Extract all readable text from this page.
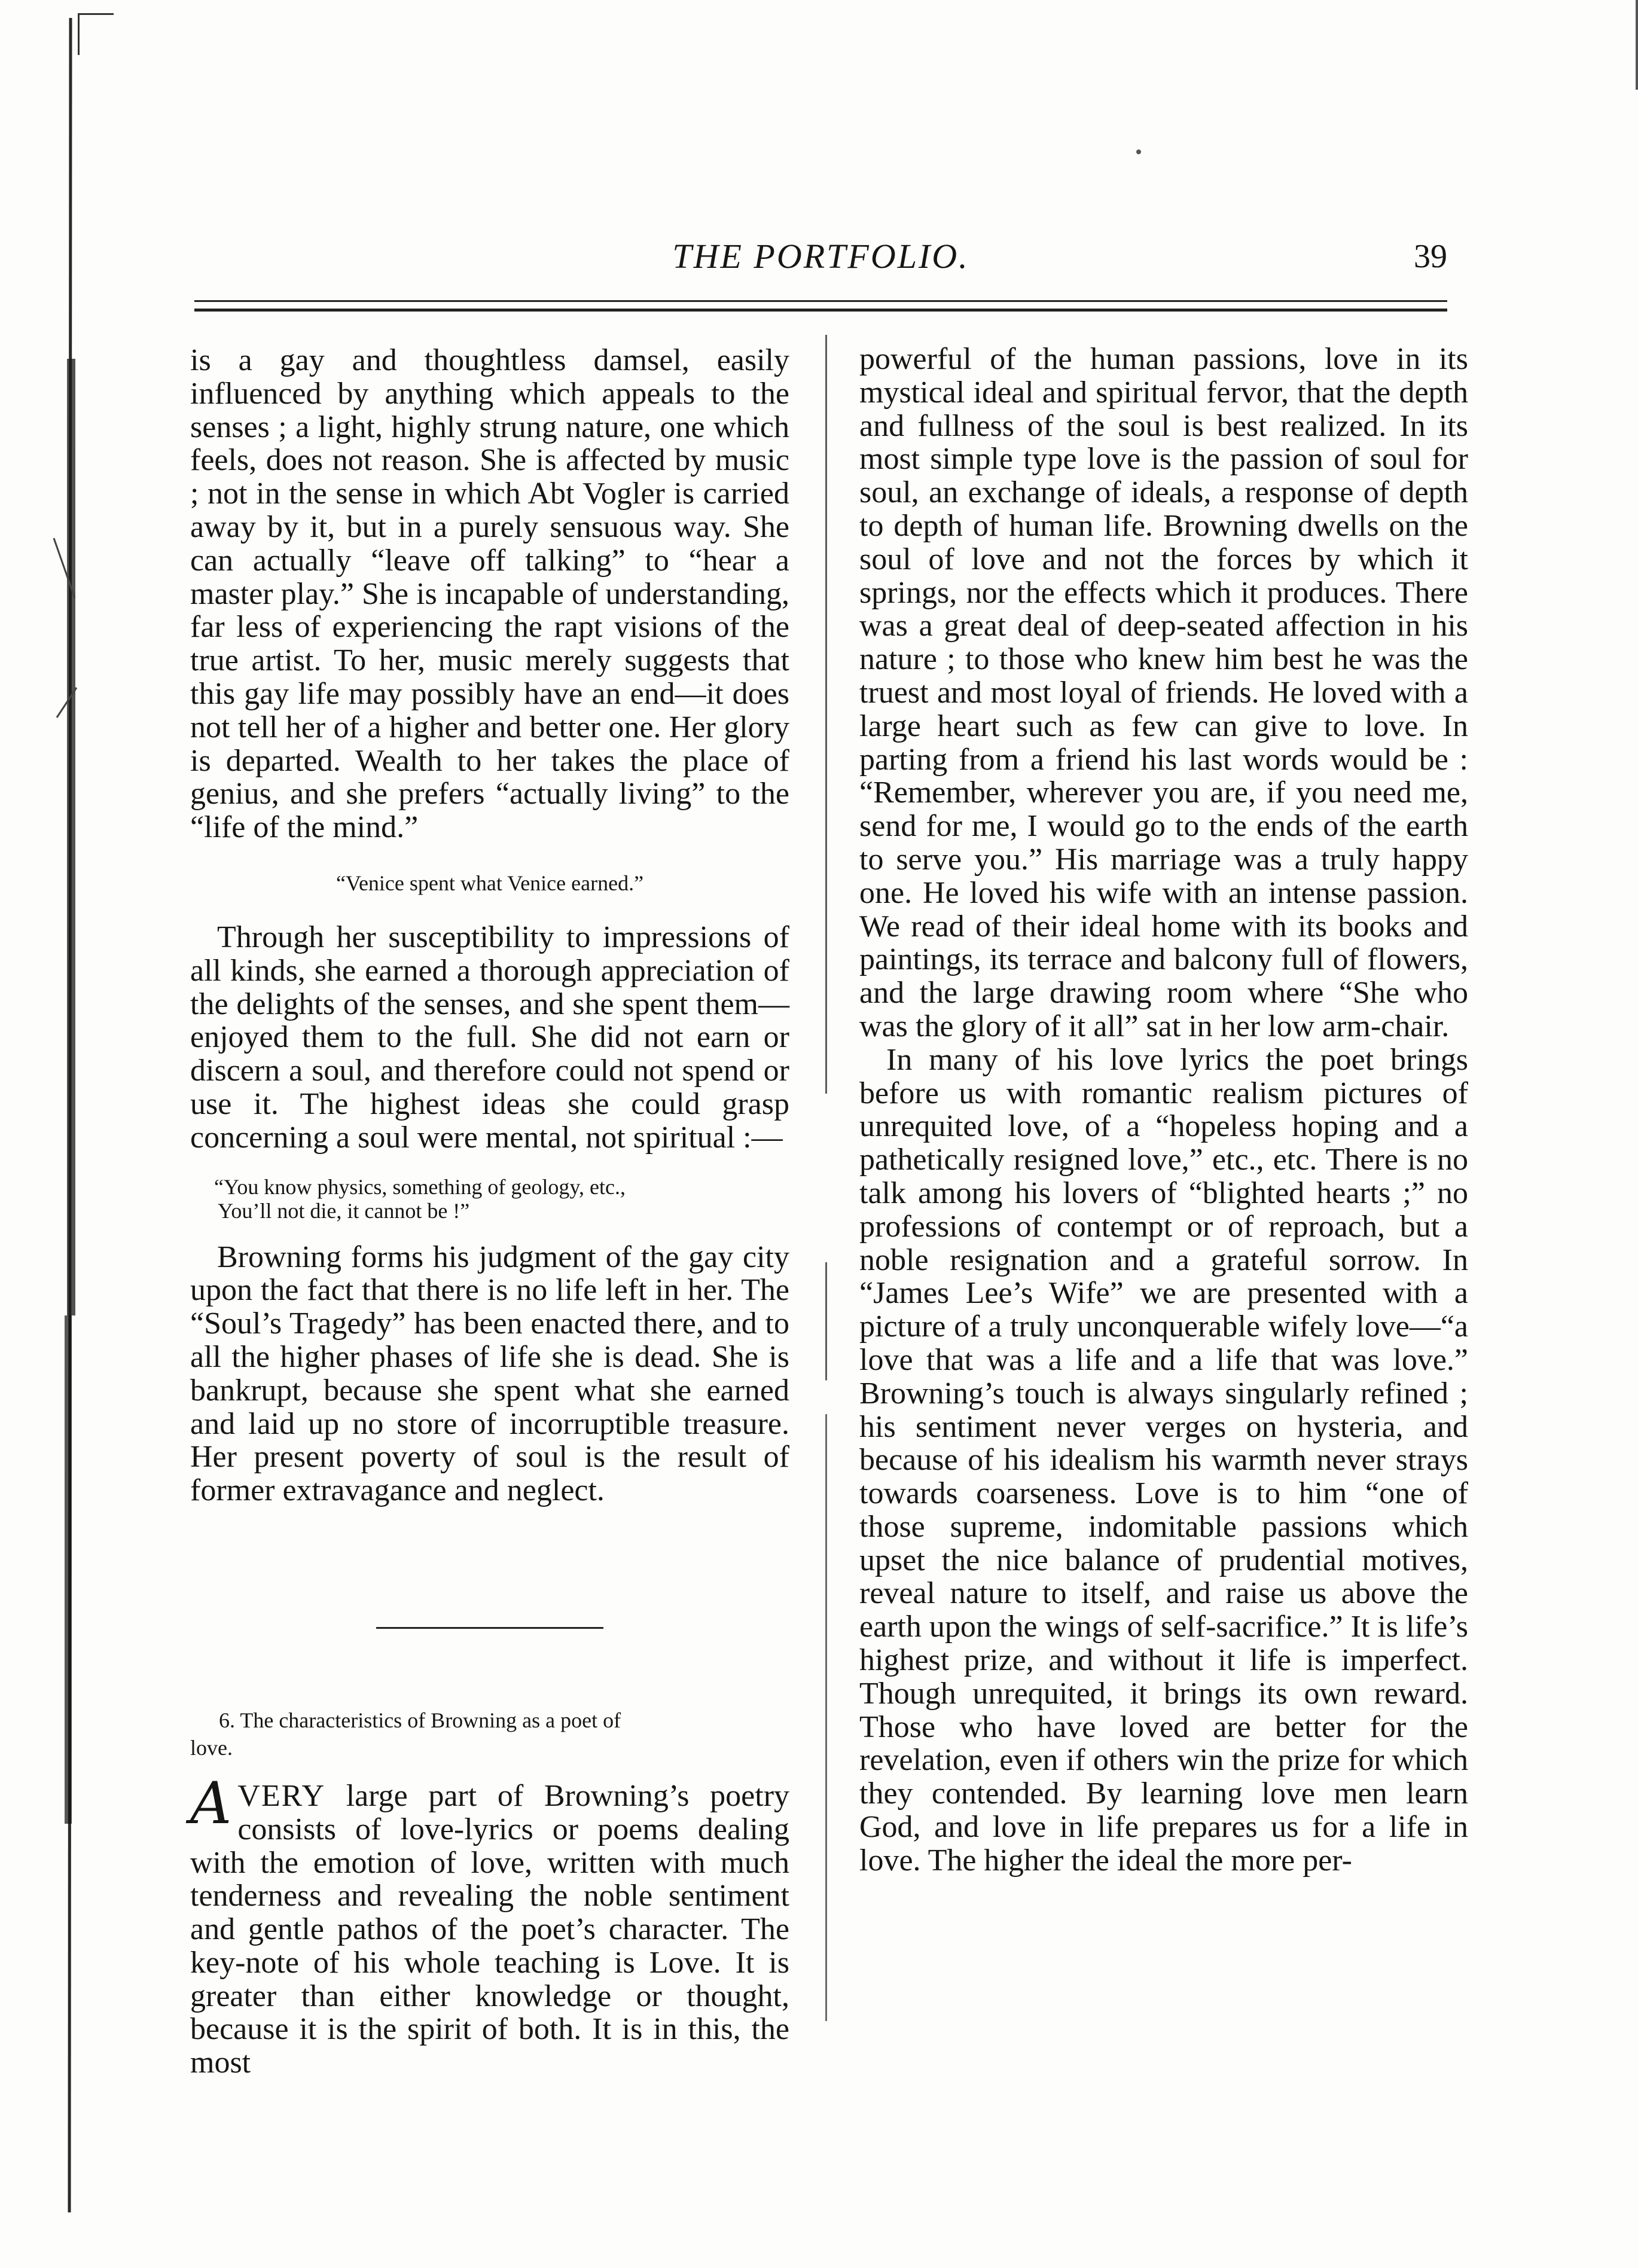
THE PORTFOLIO.	39

is a gay and thoughtless damsel, easily influenced by anything which appeals to the senses ; a light, highly strung nature, one which feels, does not reason. She is affected by music ; not in the sense in which Abt Vogler is carried away by it, but in a purely sensuous way. She can actually “leave off talking” to “hear a master play.” She is incapable of understanding, far less of experiencing the rapt visions of the true artist. To her, music merely suggests that this gay life may possibly have an end—it does not tell her of a higher and better one. Her glory is departed. Wealth to her takes the place of genius, and she prefers “actually living” to the “life of the mind.”

“Venice spent what Venice earned.”

Through her susceptibility to impressions of all kinds, she earned a thorough appreciation of the delights of the senses, and she spent them—enjoyed them to the full. She did not earn or discern a soul, and therefore could not spend or use it. The highest ideas she could grasp concerning a soul were mental, not spiritual :—

“You know physics, something of geology, etc.,
You’ll not die, it cannot be !”

Browning forms his judgment of the gay city upon the fact that there is no life left in her. The “Soul’s Tragedy” has been enacted there, and to all the higher phases of life she is dead. She is bankrupt, because she spent what she earned and laid up no store of incorruptible treasure. Her present poverty of soul is the result of former extravagance and neglect.

6. The characteristics of Browning as a poet of
love.

AVERY large part of Browning’s poetry consists of love-lyrics or poems dealing with the emotion of love, written with much tenderness and revealing the noble sentiment and gentle pathos of the poet’s character. The key-note of his whole teaching is Love. It is greater than either knowledge or thought, because it is the spirit of both. It is in this, the most

powerful of the human passions, love in its mystical ideal and spiritual fervor, that the depth and fullness of the soul is best realized. In its most simple type love is the passion of soul for soul, an exchange of ideals, a response of depth to depth of human life. Browning dwells on the soul of love and not the forces by which it springs, nor the effects which it produces. There was a great deal of deep-seated affection in his nature ; to those who knew him best he was the truest and most loyal of friends. He loved with a large heart such as few can give to love. In parting from a friend his last words would be : “Remember, wherever you are, if you need me, send for me, I would go to the ends of the earth to serve you.” His marriage was a truly happy one. He loved his wife with an intense passion. We read of their ideal home with its books and paintings, its terrace and balcony full of flowers, and the large drawing room where “She who was the glory of it all” sat in her low arm-chair.

In many of his love lyrics the poet brings before us with romantic realism pictures of unrequited love, of a “hopeless hoping and a pathetically resigned love,” etc., etc. There is no talk among his lovers of “blighted hearts ;” no professions of contempt or of reproach, but a noble resignation and a grateful sorrow. In “James Lee’s Wife” we are presented with a picture of a truly unconquerable wifely love—“a love that was a life and a life that was love.” Browning’s touch is always singularly refined ; his sentiment never verges on hysteria, and because of his idealism his warmth never strays towards coarseness. Love is to him “one of those supreme, indomitable passions which upset the nice balance of prudential motives, reveal nature to itself, and raise us above the earth upon the wings of self-sacrifice.” It is life’s highest prize, and without it life is imperfect. Though unrequited, it brings its own reward. Those who have loved are better for the revelation, even if others win the prize for which they contended. By learning love men learn God, and love in life prepares us for a life in love. The higher the ideal the more per-
